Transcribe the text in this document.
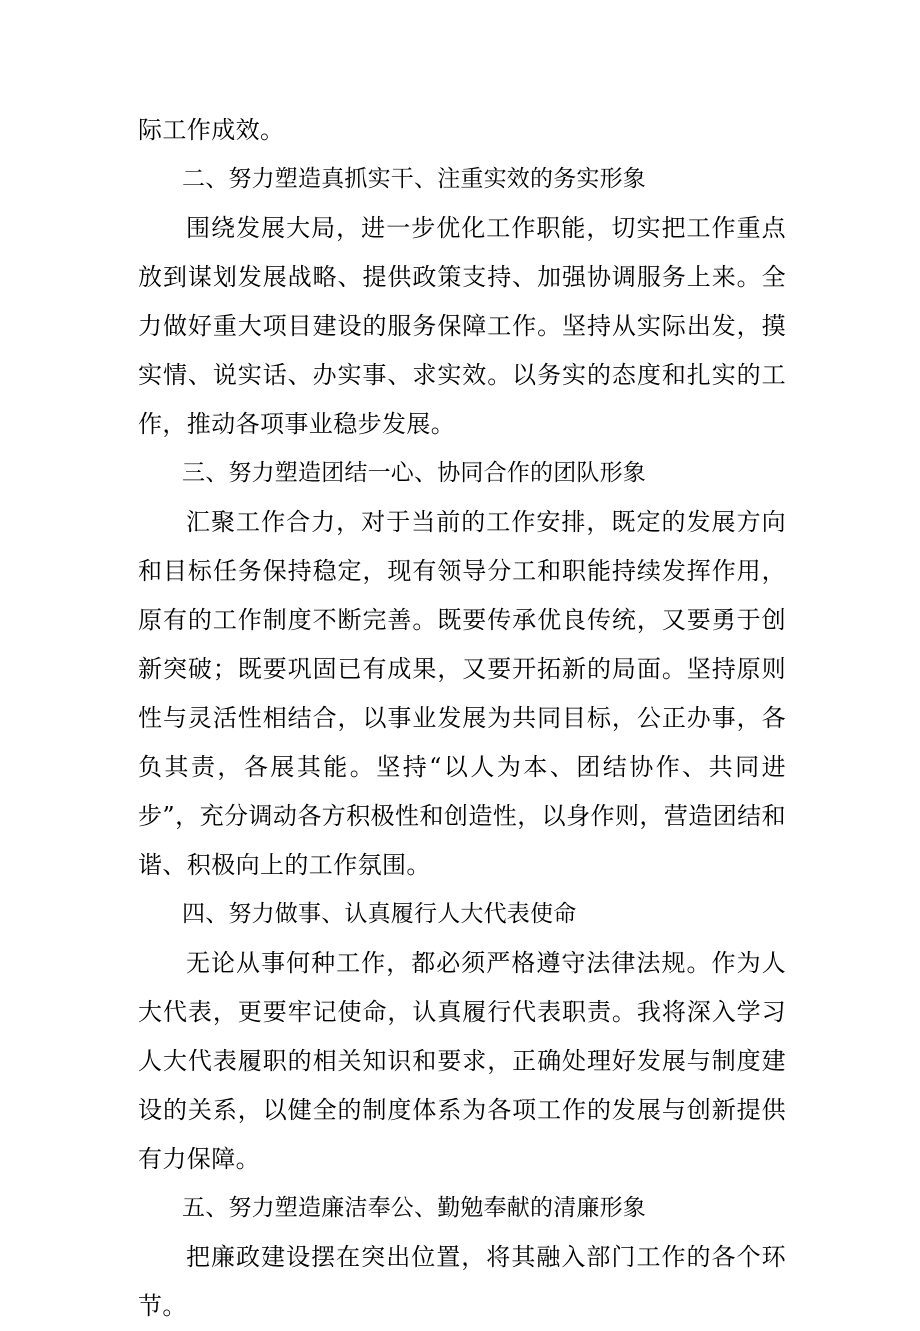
际工作成效。

二、努力塑造真抓实干、注重实效的务实形象

围绕发展大局，进一步优化工作职能，切实把工作重点放到谋划发展战略、提供政策支持、加强协调服务上来。全力做好重大项目建设的服务保障工作。坚持从实际出发，摸实情、说实话、办实事、求实效。以务实的态度和扎实的工作，推动各项事业稳步发展。

三、努力塑造团结一心、协同合作的团队形象

汇聚工作合力，对于当前的工作安排，既定的发展方向和目标任务保持稳定，现有领导分工和职能持续发挥作用，原有的工作制度不断完善。既要传承优良传统，又要勇于创新突破；既要巩固已有成果，又要开拓新的局面。坚持原则性与灵活性相结合，以事业发展为共同目标，公正办事，各负其责，各展其能。坚持“以人为本、团结协作、共同进步”，充分调动各方积极性和创造性，以身作则，营造团结和谐、积极向上的工作氛围。

四、努力做事、认真履行人大代表使命

无论从事何种工作，都必须严格遵守法律法规。作为人大代表，更要牢记使命，认真履行代表职责。我将深入学习人大代表履职的相关知识和要求，正确处理好发展与制度建设的关系，以健全的制度体系为各项工作的发展与创新提供有力保障。

五、努力塑造廉洁奉公、勤勉奉献的清廉形象

把廉政建设摆在突出位置，将其融入部门工作的各个环节。
